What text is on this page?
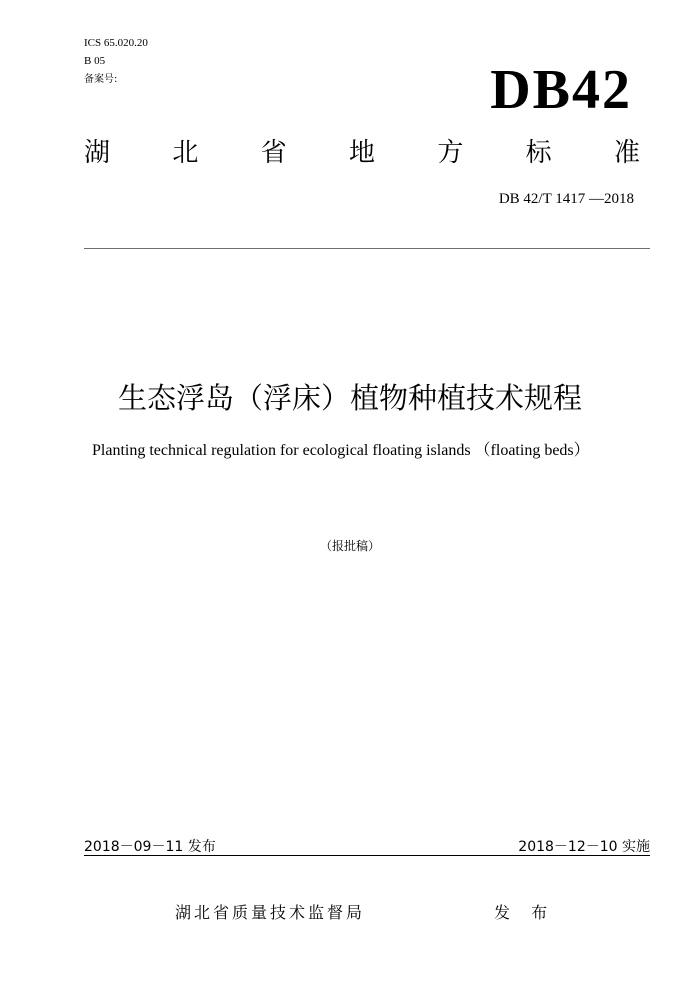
ICS 65.020.20
B 05
备案号:	DB42
湖 北 省 地 方 标 准
DB 42/T 1417 —2018
生态浮岛（浮床）植物种植技术规程
Planting technical regulation for ecological floating islands （floating beds）
（报批稿）
2018－09－11 发布	2018－12－10 实施
湖北省质量技术监督局	发 布
